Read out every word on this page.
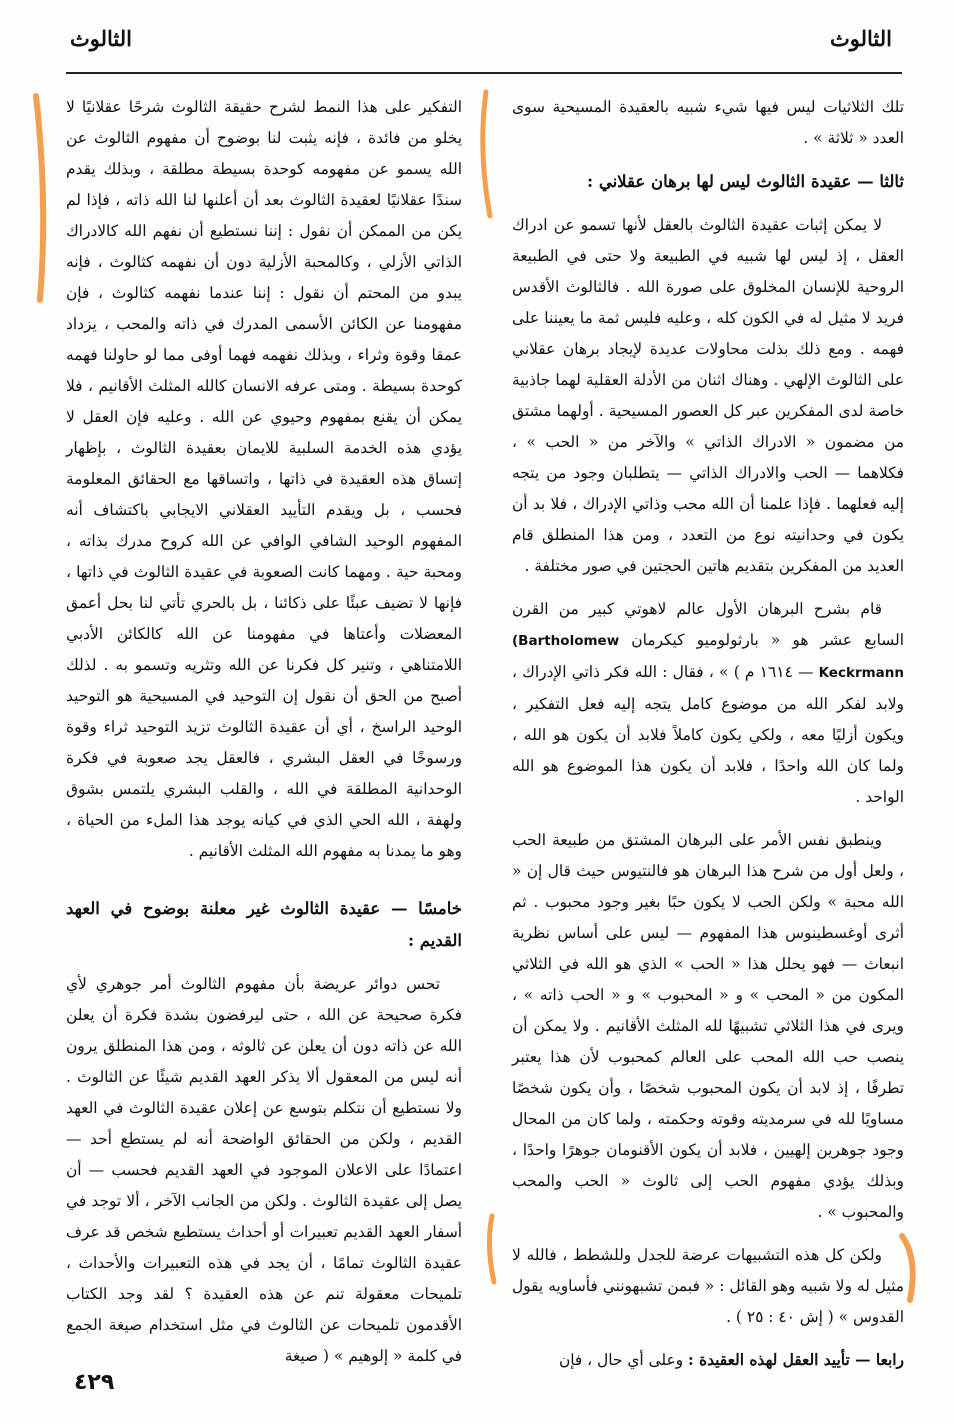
الثالوث
الثالوث

تلك الثلاثيات ليس فيها شيء شبيه بالعقيدة المسيحية سوى العدد « ثلاثة » .

ثالثا — عقيدة الثالوث ليس لها برهان عقلاني :

لا يمكن إثبات عقيدة الثالوث بالعقل لأنها تسمو عن ادراك العقل ، إذ ليس لها شبيه في الطبيعة ولا حتى في الطبيعة الروحية للإنسان المخلوق على صورة الله . فالثالوث الأقدس فريد لا مثيل له في الكون كله ، وعليه فليس ثمة ما يعيننا على فهمه . ومع ذلك بذلت محاولات عديدة لإيجاد برهان عقلاني على الثالوث الإلهي . وهناك اثنان من الأدلة العقلية لهما جاذبية خاصة لدى المفكرين عبر كل العصور المسيحية . أولهما مشتق من مضمون « الادراك الذاتي » والآخر من « الحب » ، فكلاهما — الحب والادراك الذاتي — يتطلبان وجود من يتجه إليه فعلهما . فإذا علمنا أن الله محب وذاتي الإدراك ، فلا بد أن يكون في وحدانيته نوع من التعدد ، ومن هذا المنطلق قام العديد من المفكرين بتقديم هاتين الحجتين في صور مختلفة .

قام بشرح البرهان الأول عالم لاهوتي كبير من القرن السابع عشر هو « بارثولوميو كيكرمان (Bartholomew Keckrmann — ١٦١٤ م ) » ، فقال : الله فكر ذاتي الإدراك ، ولابد لفكر الله من موضوع كامل يتجه إليه فعل التفكير ، ويكون أزليًا معه ، ولكي يكون كاملاً فلابد أن يكون هو الله ، ولما كان الله واحدًا ، فلابد أن يكون هذا الموضوع هو الله الواحد .

وينطبق نفس الأمر على البرهان المشتق من طبيعة الحب ، ولعل أول من شرح هذا البرهان هو فالنتيوس حيث قال إن « الله محبة » ولكن الحب لا يكون حبًا بغير وجود محبوب . ثم أثرى أوغسطينوس هذا المفهوم — ليس على أساس نظرية انبعاث — فهو يحلل هذا « الحب » الذي هو الله في الثلاثي المكون من « المحب » و « المحبوب » و « الحب ذاته » ، ويرى في هذا الثلاثي تشبيهًا لله المثلث الأقانيم . ولا يمكن أن ينصب حب الله المحب على العالم كمحبوب لأن هذا يعتبر تطرفًا ، إذ لابد أن يكون المحبوب شخصًا ، وأن يكون شخصًا مساويًا لله في سرمديته وقوته وحكمته ، ولما كان من المحال وجود جوهرين إلهيين ، فلابد أن يكون الأقنومان جوهرًا واحدًا ، وبذلك يؤدي مفهوم الحب إلى ثالوث « الحب والمحب والمحبوب » .

ولكن كل هذه التشبيهات عرضة للجدل وللشطط ، فالله لا مثيل له ولا شبيه وهو القائل : « فبمن تشبهونني فأساويه يقول القدوس » ( إش ٤٠ : ٢٥ ) .

رابعا — تأييد العقل لهذه العقيدة : وعلى أي حال ، فإن

التفكير على هذا النمط لشرح حقيقة الثالوث شرحًا عقلانيًا لا يخلو من فائدة ، فإنه يثبت لنا بوضوح أن مفهوم الثالوث عن الله يسمو عن مفهومه كوحدة بسيطة مطلقة ، وبذلك يقدم سندًا عقلانيًا لعقيدة الثالوث بعد أن أعلنها لنا الله ذاته ، فإذا لم يكن من الممكن أن نقول : إننا نستطيع أن نفهم الله كالادراك الذاتي الأزلي ، وكالمحبة الأزلية دون أن نفهمه كثالوث ، فإنه يبدو من المحتم أن نقول : إننا عندما نفهمه كثالوث ، فإن مفهومنا عن الكائن الأسمى المدرك في ذاته والمحب ، يزداد عمقا وقوة وثراء ، وبذلك نفهمه فهما أوفى مما لو حاولنا فهمه كوحدة بسيطة . ومتى عرفه الانسان كالله المثلث الأقانيم ، فلا يمكن أن يقنع بمفهوم وحيوي عن الله . وعليه فإن العقل لا يؤدي هذه الخدمة السلبية للايمان بعقيدة الثالوث ، بإظهار إتساق هذه العقيدة في ذاتها ، واتساقها مع الحقائق المعلومة فحسب ، بل ويقدم التأييد العقلاني الايجابي باكتشاف أنه المفهوم الوحيد الشافي الوافي عن الله كروح مدرك بذاته ، ومحبة حية . ومهما كانت الصعوبة في عقيدة الثالوث في ذاتها ، فإنها لا تضيف عبئًا على ذكائنا ، بل بالحري تأتي لنا بحل أعمق المعضلات وأعتاها في مفهومنا عن الله كالكائن الأدبي اللامتناهي ، وتنير كل فكرنا عن الله وتثريه وتسمو به . لذلك أصبح من الحق أن نقول إن التوحيد في المسيحية هو التوحيد الوحيد الراسخ ، أي أن عقيدة الثالوث تزيد التوحيد ثراء وقوة ورسوخًا في العقل البشري ، فالعقل يجد صعوبة في فكرة الوحدانية المطلقة في الله ، والقلب البشري يلتمس بشوق ولهفة ، الله الحي الذي في كيانه يوجد هذا الملء من الحياة ، وهو ما يمدنا به مفهوم الله المثلث الأقانيم .

خامسًا — عقيدة الثالوث غير معلنة بوضوح في العهد القديم :

تحس دوائر عريضة بأن مفهوم الثالوث أمر جوهري لأي فكرة صحيحة عن الله ، حتى ليرفضون بشدة فكرة أن يعلن الله عن ذاته دون أن يعلن عن ثالوثه ، ومن هذا المنطلق يرون أنه ليس من المعقول ألا يذكر العهد القديم شيئًا عن الثالوث . ولا نستطيع أن نتكلم بتوسع عن إعلان عقيدة الثالوث في العهد القديم ، ولكن من الحقائق الواضحة أنه لم يستطع أحد — اعتمادًا على الاعلان الموجود في العهد القديم فحسب — أن يصل إلى عقيدة الثالوث . ولكن من الجانب الآخر ، ألا توجد في أسفار العهد القديم تعبيرات أو أحداث يستطيع شخص قد عرف عقيدة الثالوث تمامًا ، أن يجد في هذه التعبيرات والأحداث ، تلميحات معقولة تنم عن هذه العقيدة ؟ لقد وجد الكتاب الأقدمون تلميحات عن الثالوث في مثل استخدام صيغة الجمع في كلمة « إلوهيم » ( صيغة

٤٢٩
